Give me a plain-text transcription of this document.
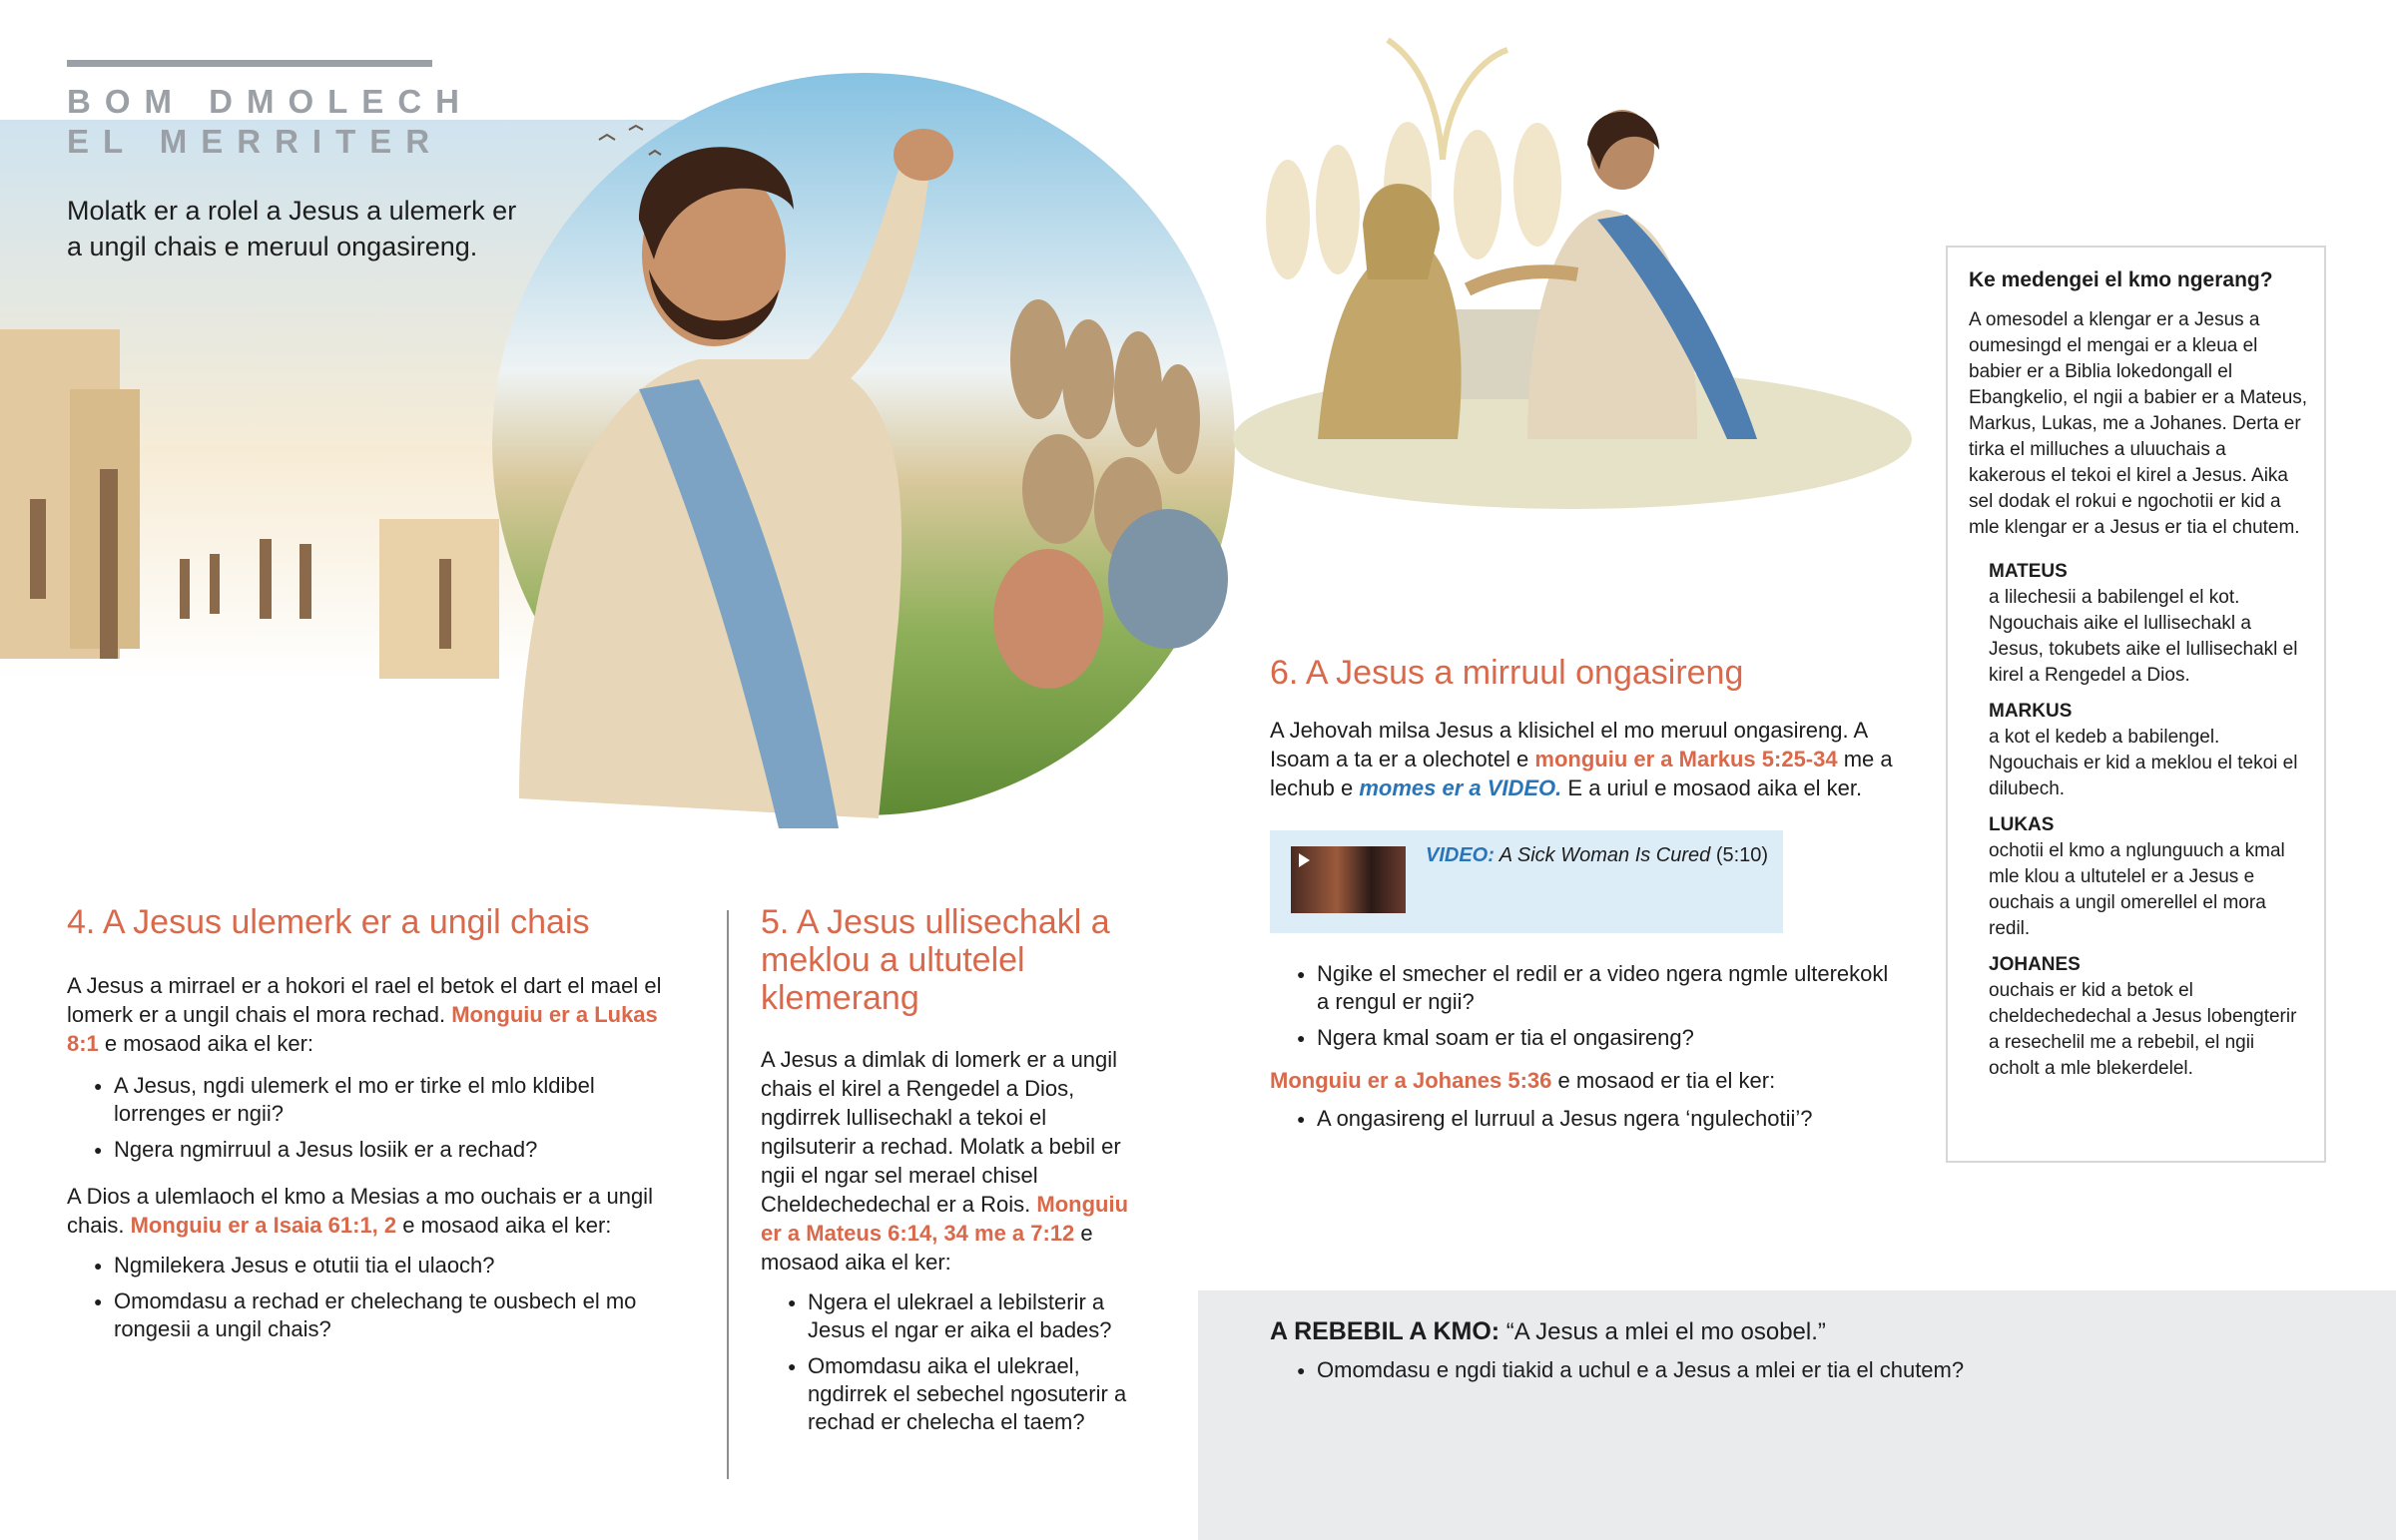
BOM DMOLECH
EL MERRITER
Molatk er a rolel a Jesus a ulemerk er a ungil chais e meruul ongasireng.
4. A Jesus ulemerk er a ungil chais

A Jesus a mirrael er a hokori el rael el betok el dart el mael el lomerk er a ungil chais el mora rechad. Monguiu er a Lukas 8:1 e mosaod aika el ker:

● A Jesus, ngdi ulemerk el mo er tirke el mlo kldibel lorrenges er ngii?
● Ngera ngmirruul a Jesus losiik er a rechad?

A Dios a ulemlaoch el kmo a Mesias a mo ouchais er a ungil chais. Monguiu er a Isaia 61:1, 2 e mosaod aika el ker:

● Ngmilekera Jesus e otutii tia el ulaoch?
● Omomdasu a rechad er chelechang te ousbech el mo rongesii a ungil chais?
5. A Jesus ullisechakl a meklou a ultutelel klemerang

A Jesus a dimlak di lomerk er a ungil chais el kirel a Rengedel a Dios, ngdirrek lullisechakl a tekoi el ngilsuterir a rechad. Molatk a bebil er ngii el ngar sel merael chisel Cheldechedechal er a Rois. Monguiu er a Mateus 6:14, 34 me a 7:12 e mosaod aika el ker:

● Ngera el ulekrael a lebilsterir a Jesus el ngar er aika el bades?
● Omomdasu aika el ulekrael, ngdirrek el sebechel ngosuterir a rechad er chelecha el taem?
6. A Jesus a mirruul ongasireng

A Jehovah milsa Jesus a klisichel el mo meruul ongasireng. A Isoam a ta er a olechotel e monguiu er a Markus 5:25-34 me a lechub e momes er a VIDEO. E a uriul e mosaod aika el ker.

VIDEO: A Sick Woman Is Cured (5:10)
● Ngike el smecher el redil er a video ngera ngmle ulterekokl a rengul er ngii?
● Ngera kmal soam er tia el ongasireng?

Monguiu er a Johanes 5:36 e mosaod er tia el ker:

● A ongasireng el lurruul a Jesus ngera ‘ngulechotii’?
Ke medengei el kmo ngerang?
A omesodel a klengar er a Jesus a oumesingd el mengai er a kleua el babier er a Biblia lokedongall el Ebangkelio, el ngii a babier er a Mateus, Markus, Lukas, me a Johanes. Derta er tirka el milluches a uluuchais a kakerous el tekoi el kirel a Jesus. Aika sel dodak el rokui e ngochotii er kid a mle klengar er a Jesus er tia el chutem.
MATEUS
a lilechesii a babilengel el kot. Ngouchais aike el lullisechakl a Jesus, tokubets aike el lullisechakl el kirel a Rengedel a Dios.
MARKUS
a kot el kedeb a babilengel. Ngouchais er kid a meklou el tekoi el dilubech.
LUKAS
ochotii el kmo a nglunguuch a kmal mle klou a ultutelel er a Jesus e ouchais a ungil omerellel el mora redil.
JOHANES
ouchais er kid a betok el cheldechedechal a Jesus lobengterir a resechelil me a rebebil, el ngii ocholt a mle blekerdelel.

A REBEBIL A KMO: “A Jesus a mlei el mo osobel.”

● Omomdasu e ngdi tiakid a uchul e a Jesus a mlei er tia el chutem?
